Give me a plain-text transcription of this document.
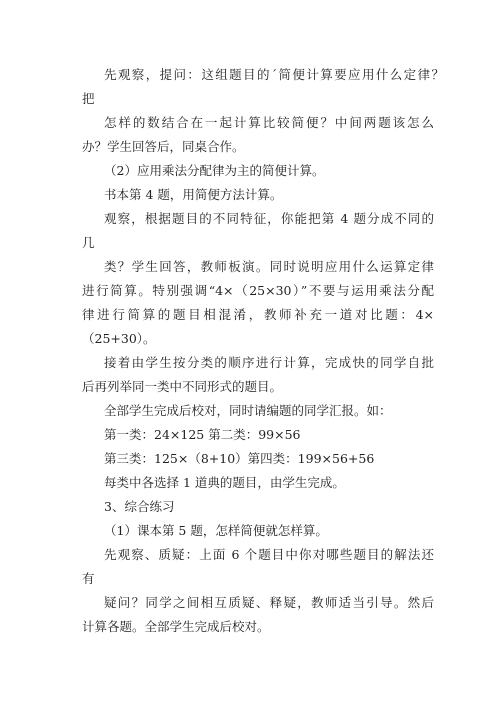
先观察，提问：这组题目的ˊ简便计算要应用什么定律？
把
怎样的数结合在一起计算比较简便？中间两题该怎么
办？学生回答后，同桌合作。
（2）应用乘法分配律为主的简便计算。
书本第 4 题，用简便方法计算。
观察，根据题目的不同特征，你能把第 4 题分成不同的
几
类？学生回答，教师板演。同时说明应用什么运算定律
进行简算。特别强调“4×（25×30）”不要与运用乘法分配
律进行简算的题目相混淆，教师补充一道对比题：4×
（25+30）。
接着由学生按分类的顺序进行计算，完成快的同学自批
后再列举同一类中不同形式的题目。
全部学生完成后校对，同时请编题的同学汇报。如：
第一类：24×125 第二类：99×56
第三类：125×（8+10）第四类：199×56+56
每类中各选择 1 道典的题目，由学生完成。
3、综合练习
（1）课本第 5 题，怎样简便就怎样算。
先观察、质疑：上面 6 个题目中你对哪些题目的解法还
有
疑问？同学之间相互质疑、释疑，教师适当引导。然后
计算各题。全部学生完成后校对。
